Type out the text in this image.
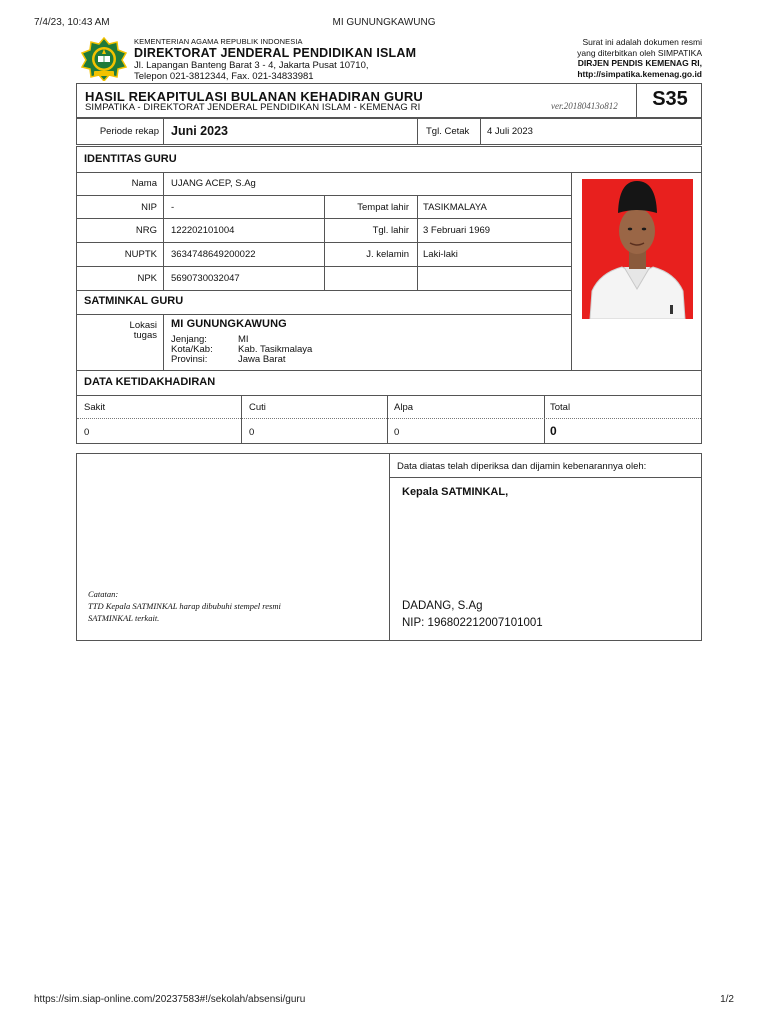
7/4/23, 10:43 AM	MI GUNUNGKAWUNG
KEMENTERIAN AGAMA REPUBLIK INDONESIA
DIREKTORAT JENDERAL PENDIDIKAN ISLAM
Jl. Lapangan Banteng Barat 3 - 4, Jakarta Pusat 10710,
Telepon 021-3812344, Fax. 021-34833981
Surat ini adalah dokumen resmi
yang diterbitkan oleh SIMPATIKA
DIRJEN PENDIS KEMENAG RI,
http://simpatika.kemenag.go.id
HASIL REKAPITULASI BULANAN KEHADIRAN GURU
SIMPATIKA - DIREKTORAT JENDERAL PENDIDIKAN ISLAM - KEMENAG RI	ver.20180413o812	S35
Periode rekap Juni 2023	Tgl. Cetak 4 Juli 2023
IDENTITAS GURU
Nama UJANG ACEP, S.Ag
NIP -	Tempat lahir TASIKMALAYA
NRG 122202101004	Tgl. lahir 3 Februari 1969
NUPTK 3634748649200022	J. kelamin Laki-laki
NPK 5690730032047
SATMINKAL GURU
Lokasi
tugas
MI GUNUNGKAWUNG
Jenjang:	MI
Kota/Kab:	Kab. Tasikmalaya
Provinsi:	Jawa Barat
DATA KETIDAKHADIRAN
Sakit	Cuti	Alpa	Total
0	0	0	0
Catatan:
TTD Kepala SATMINKAL harap dibubuhi stempel resmi
SATMINKAL terkait.
Data diatas telah diperiksa dan dijamin kebenarannya oleh:
Kepala SATMINKAL,
DADANG, S.Ag
NIP: 196802212007101001
https://sim.siap-online.com/20237583#!/sekolah/absensi/guru	1/2
